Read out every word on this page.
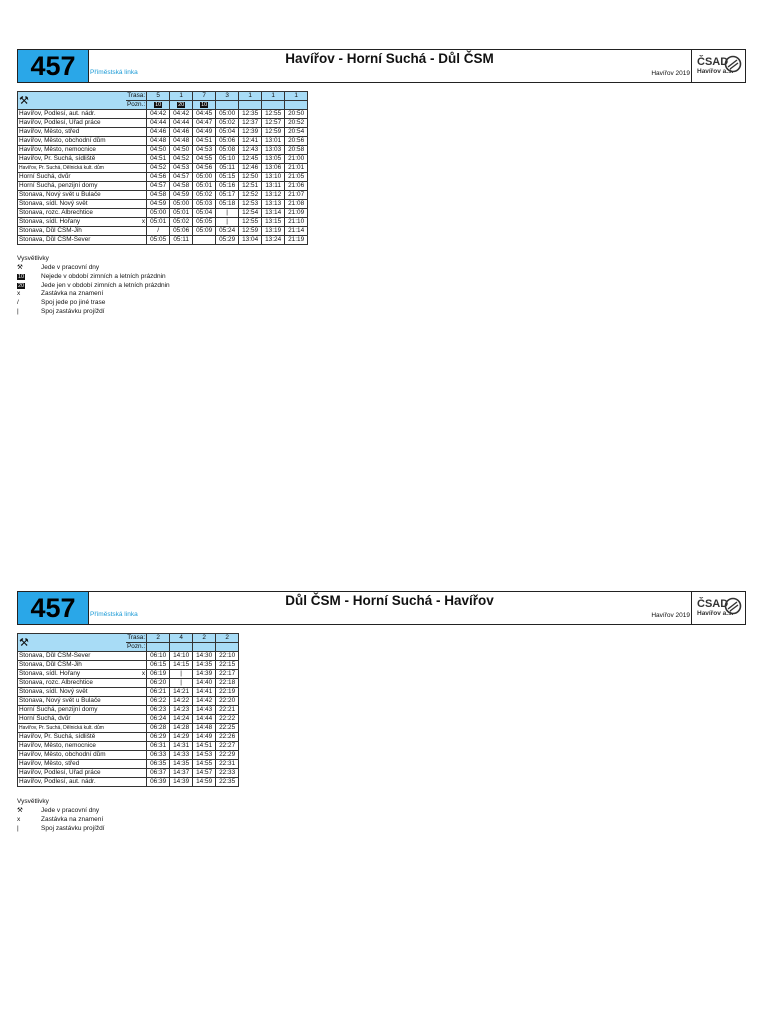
457	Příměstská linka
Havířov - Horní Suchá - Důl ČSM
Havířov 2019
ČSAD
Havířov a.s.
⚒	Trasa:	5	1	7	3	1	1	1
	Pozn.:	10	20	10				
Havířov, Podlesí, aut. nádr.		04:42	04:42	04:45	05:00	12:35	12:55	20:50
Havířov, Podlesí, Úřad práce		04:44	04:44	04:47	05:02	12:37	12:57	20:52
Havířov, Město, střed		04:46	04:46	04:49	05:04	12:39	12:59	20:54
Havířov, Město, obchodní dům		04:48	04:48	04:51	05:06	12:41	13:01	20:56
Havířov, Město, nemocnice		04:50	04:50	04:53	05:08	12:43	13:03	20:58
Havířov, Pr. Suchá, sídliště		04:51	04:52	04:55	05:10	12:45	13:05	21:00
Havířov, Pr. Suchá, Dělnická kult. dům		04:52	04:53	04:56	05:11	12:46	13:06	21:01
Horní Suchá, dvůr		04:56	04:57	05:00	05:15	12:50	13:10	21:05
Horní Suchá, penzijní domy		04:57	04:58	05:01	05:16	12:51	13:11	21:06
Stonava, Nový svět u Bulače		04:58	04:59	05:02	05:17	12:52	13:12	21:07
Stonava, sídl. Nový svět		04:59	05:00	05:03	05:18	12:53	13:13	21:08
Stonava, rozc. Albrechtice		05:00	05:01	05:04	|	12:54	13:14	21:09
Stonava, sídl. Hořany	x	05:01	05:02	05:05	|	12:55	13:15	21:10
Stonava, Důl ČSM-Jih		/	05:06	05:09	05:24	12:59	13:19	21:14
Stonava, Důl ČSM-Sever		05:05	05:11		05:29	13:04	13:24	21:19
Vysvětlivky
⚒	Jede v pracovní dny
10	Nejede v období zimních a letních prázdnin
20	Jede jen v období zimních a letních prázdnin
x	Zastávka na znamení
/	Spoj jede po jiné trase
|	Spoj zastávku projíždí
457	Příměstská linka
Důl ČSM - Horní Suchá - Havířov
Havířov 2019
ČSAD
Havířov a.s.
⚒	Trasa:	2	4	2	2
	Pozn.:				
Stonava, Důl ČSM-Sever		06:10	14:10	14:30	22:10
Stonava, Důl ČSM-Jih		06:15	14:15	14:35	22:15
Stonava, sídl. Hořany	x	06:19	|	14:39	22:17
Stonava, rozc. Albrechtice		06:20	|	14:40	22:18
Stonava, sídl. Nový svět		06:21	14:21	14:41	22:19
Stonava, Nový svět u Bulače		06:22	14:22	14:42	22:20
Horní Suchá, penzijní domy		06:23	14:23	14:43	22:21
Horní Suchá, dvůr		06:24	14:24	14:44	22:22
Havířov, Pr. Suchá, Dělnická kult. dům		06:28	14:28	14:48	22:25
Havířov, Pr. Suchá, sídliště		06:29	14:29	14:49	22:26
Havířov, Město, nemocnice		06:31	14:31	14:51	22:27
Havířov, Město, obchodní dům		06:33	14:33	14:53	22:29
Havířov, Město, střed		06:35	14:35	14:55	22:31
Havířov, Podlesí, Úřad práce		06:37	14:37	14:57	22:33
Havířov, Podlesí, aut. nádr.		06:39	14:39	14:59	22:35
Vysvětlivky
⚒	Jede v pracovní dny
x	Zastávka na znamení
|	Spoj zastávku projíždí
